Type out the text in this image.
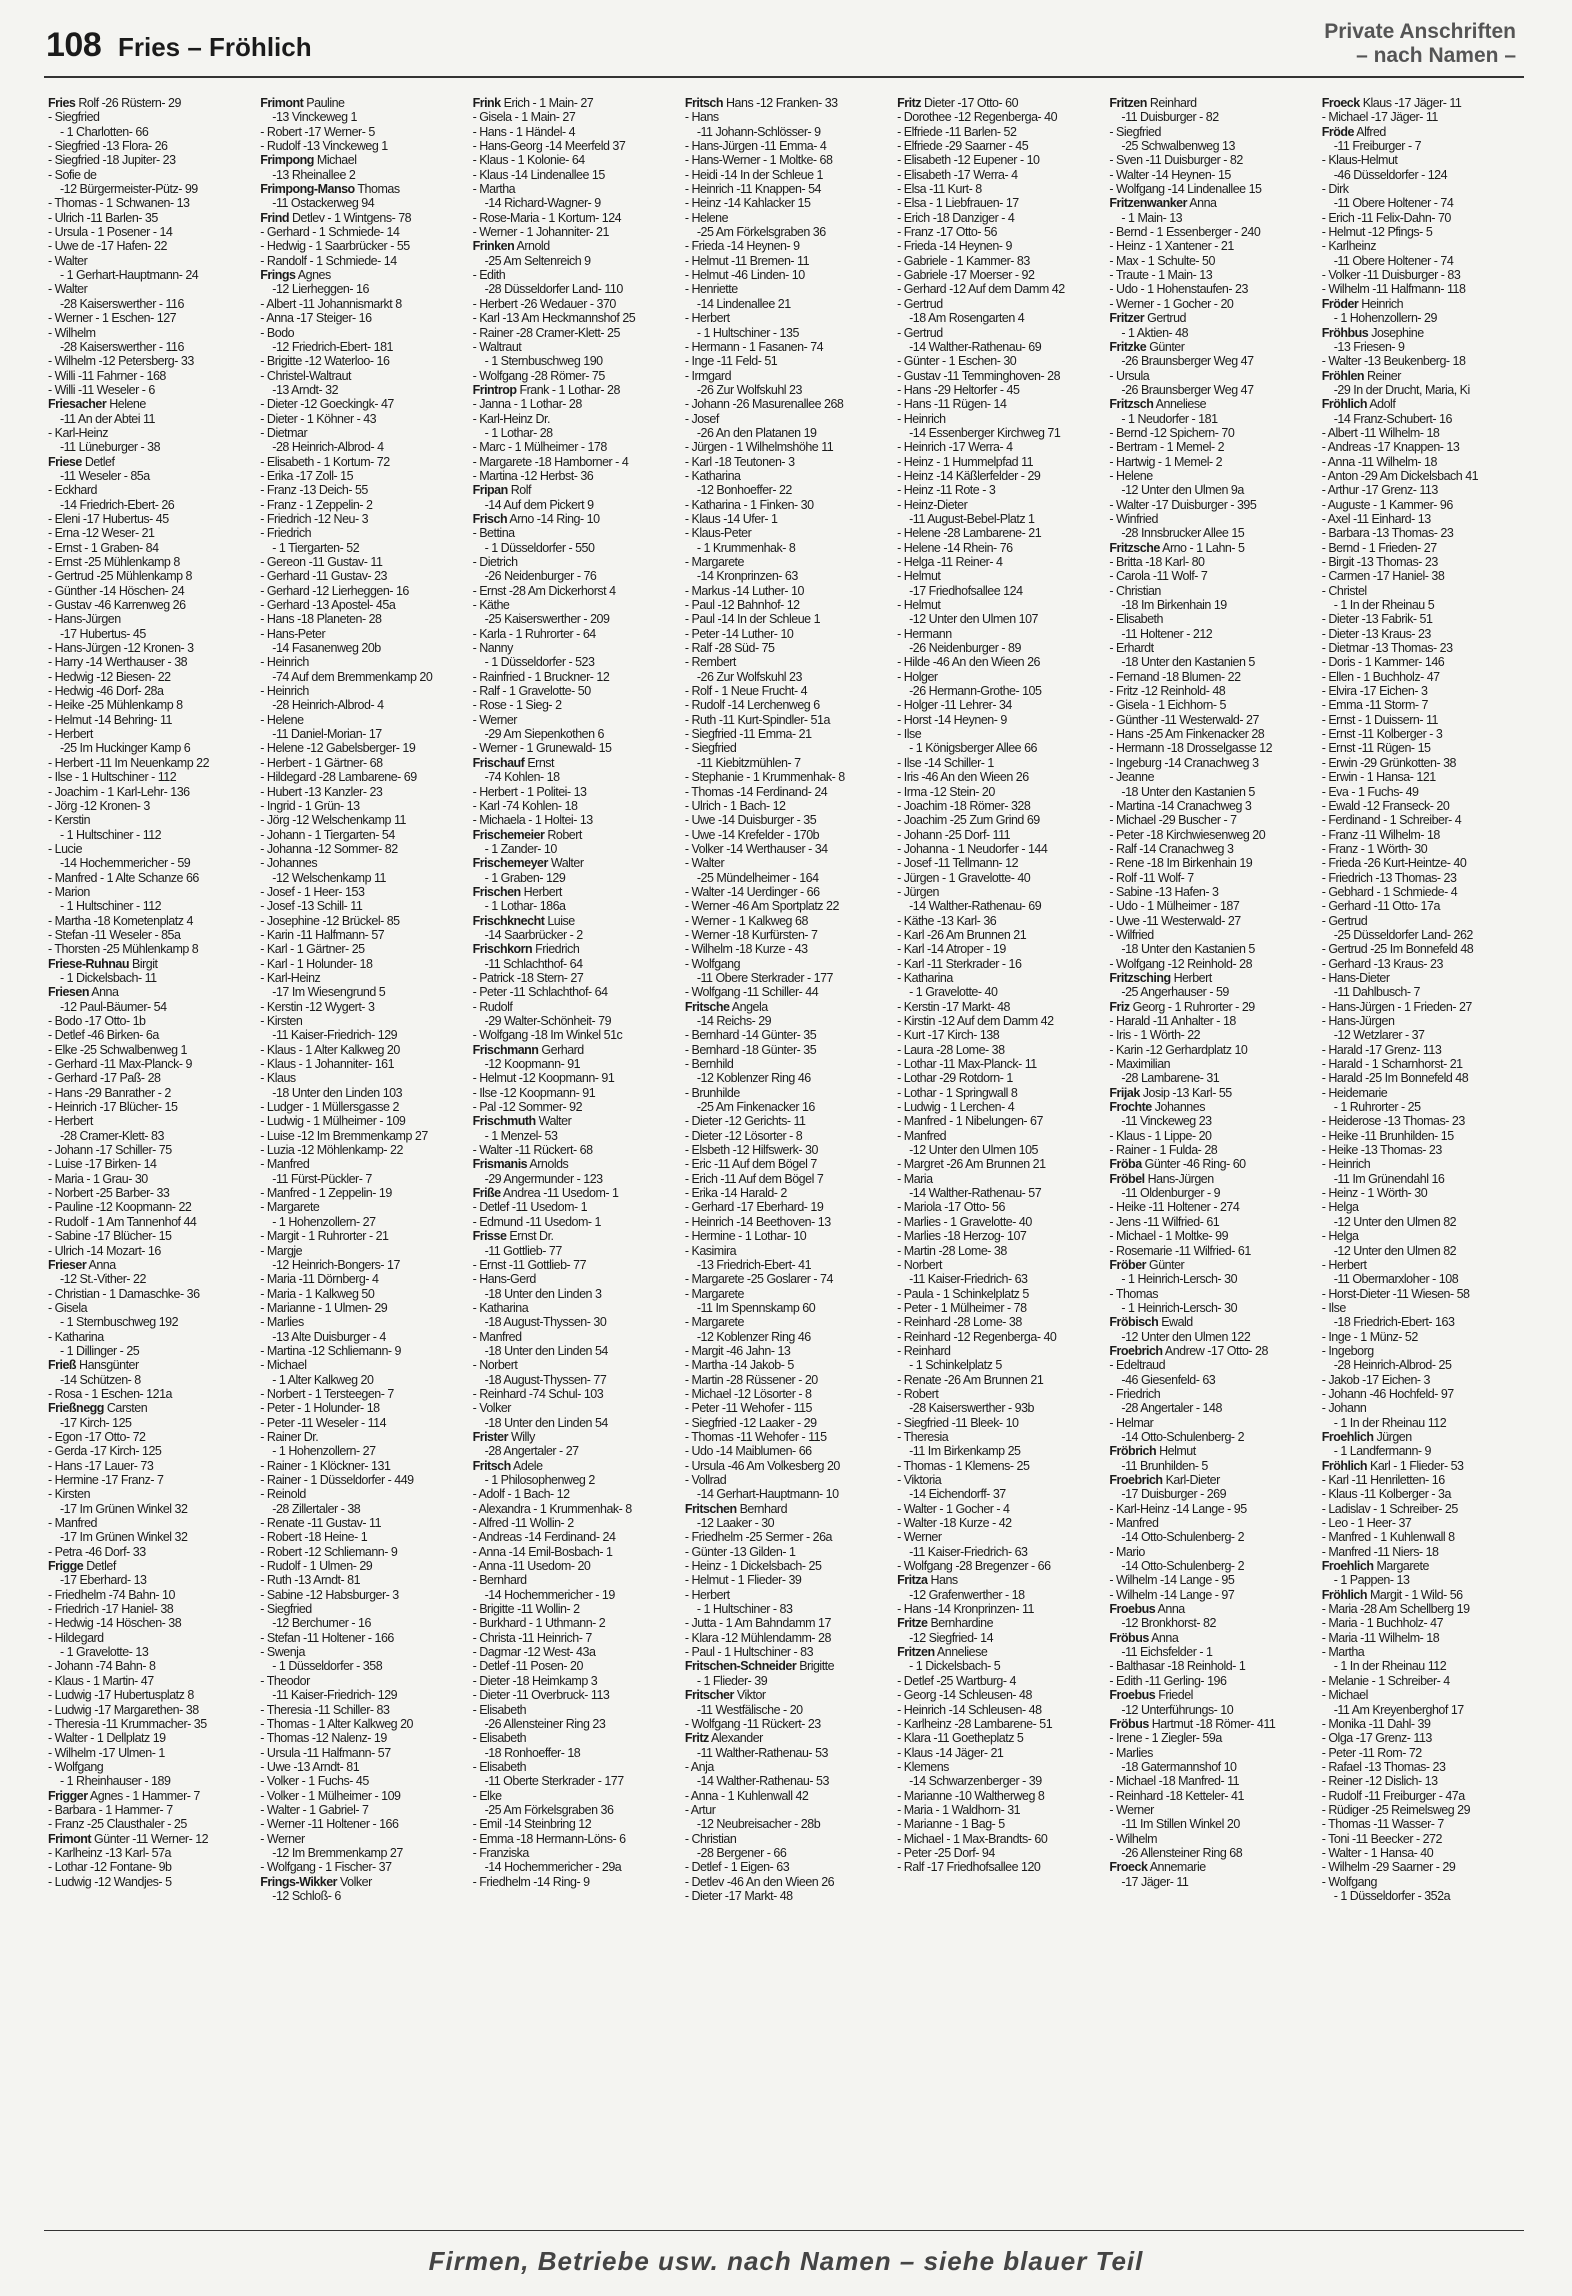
108 Fries – Fröhlich
Private Anschriften
– nach Namen –
Fries Rolf -26 Rüstern- 29
- Siegfried
- 1 Charlotten- 66
- Siegfried -13 Flora- 26
- Siegfried -18 Jupiter- 23
- Sofie de
-12 Bürgermeister-Pütz- 99
- Thomas - 1 Schwanen- 13
- Ulrich -11 Barlen- 35
- Ursula - 1 Posener - 14
- Uwe de -17 Hafen- 22
- Walter
- 1 Gerhart-Hauptmann- 24
- Walter
-28 Kaiserswerther - 116
- Werner - 1 Eschen- 127
- Wilhelm
-28 Kaiserswerther - 116
- Wilhelm -12 Petersberg- 33
- Willi -11 Fahrner - 168
- Willi -11 Weseler - 6
Friesacher Helene
-11 An der Abtei 11
- Karl-Heinz
-11 Lüneburger - 38
Friese Detlef
-11 Weseler - 85a
- Eckhard
-14 Friedrich-Ebert- 26
- Eleni -17 Hubertus- 45
- Erna -12 Weser- 21
- Ernst - 1 Graben- 84
- Ernst -25 Mühlenkamp 8
- Gertrud -25 Mühlenkamp 8
- Günther -14 Höschen- 24
- Gustav -46 Karrenweg 26
- Hans-Jürgen
-17 Hubertus- 45
- Hans-Jürgen -12 Kronen- 3
- Harry -14 Werthauser - 38
- Hedwig -12 Biesen- 22
- Hedwig -46 Dorf- 28a
- Heike -25 Mühlenkamp 8
- Helmut -14 Behring- 11
- Herbert
-25 Im Huckinger Kamp 6
- Herbert -11 Im Neuenkamp 22
- Ilse - 1 Hultschiner - 112
- Joachim - 1 Karl-Lehr- 136
- Jörg -12 Kronen- 3
- Kerstin
- 1 Hultschiner - 112
- Lucie
-14 Hochemmericher - 59
- Manfred - 1 Alte Schanze 66
- Marion
- 1 Hultschiner - 112
- Martha -18 Kometenplatz 4
- Stefan -11 Weseler - 85a
- Thorsten -25 Mühlenkamp 8
Friese-Ruhnau Birgit
- 1 Dickelsbach- 11
Friesen Anna
-12 Paul-Bäumer- 54
- Bodo -17 Otto- 1b
- Detlef -46 Birken- 6a
- Elke -25 Schwalbenweg 1
- Gerhard -11 Max-Planck- 9
- Gerhard -17 Paß- 28
- Hans -29 Banrather - 2
- Heinrich -17 Blücher- 15
- Herbert
-28 Cramer-Klett- 83
- Johann -17 Schiller- 75
- Luise -17 Birken- 14
- Maria - 1 Grau- 30
- Norbert -25 Barber- 33
- Pauline -12 Koopmann- 22
- Rudolf - 1 Am Tannenhof 44
- Sabine -17 Blücher- 15
- Ulrich -14 Mozart- 16
Frieser Anna
-12 St.-Vither- 22
- Christian - 1 Damaschke- 36
- Gisela
- 1 Sternbuschweg 192
- Katharina
- 1 Dillinger - 25
Frieß Hansgünter
-14 Schützen- 8
- Rosa - 1 Eschen- 121a
Frießnegg Carsten
-17 Kirch- 125
- Egon -17 Otto- 72
- Gerda -17 Kirch- 125
- Hans -17 Lauer- 73
- Hermine -17 Franz- 7
- Kirsten
-17 Im Grünen Winkel 32
- Manfred
-17 Im Grünen Winkel 32
- Petra -46 Dorf- 33
Frigge Detlef
-17 Eberhard- 13
- Friedhelm -74 Bahn- 10
- Friedrich -17 Haniel- 38
- Hedwig -14 Höschen- 38
- Hildegard
- 1 Gravelotte- 13
- Johann -74 Bahn- 8
- Klaus - 1 Martin- 47
- Ludwig -17 Hubertusplatz 8
- Ludwig -17 Margarethen- 38
- Theresia -11 Krummacher- 35
- Walter - 1 Dellplatz 19
- Wilhelm -17 Ulmen- 1
- Wolfgang
- 1 Rheinhauser - 189
Frigger Agnes - 1 Hammer- 7
- Barbara - 1 Hammer- 7
- Franz -25 Clausthaler - 25
Frimont Günter -11 Werner- 12
- Karlheinz -13 Karl- 57a
- Lothar -12 Fontane- 9b
- Ludwig -12 Wandjes- 5
Frimont Pauline
-13 Vinckeweg 1
- Robert -17 Werner- 5
- Rudolf -13 Vinckeweg 1
Frimpong Michael
-13 Rheinallee 2
Frimpong-Manso Thomas
-11 Ostackerweg 94
Frind Detlev - 1 Wintgens- 78
- Gerhard - 1 Schmiede- 14
- Hedwig - 1 Saarbrücker - 55
- Randolf - 1 Schmiede- 14
Frings Agnes
-12 Lierheggen- 16
- Albert -11 Johannismarkt 8
- Anna -17 Steiger- 16
- Bodo
-12 Friedrich-Ebert- 181
- Brigitte -12 Waterloo- 16
- Christel-Waltraut
-13 Arndt- 32
- Dieter -12 Goeckingk- 47
- Dieter - 1 Köhner - 43
- Dietmar
-28 Heinrich-Albrod- 4
- Elisabeth - 1 Kortum- 72
- Erika -17 Zoll- 15
- Franz -13 Deich- 55
- Franz - 1 Zeppelin- 2
- Friedrich -12 Neu- 3
- Friedrich
- 1 Tiergarten- 52
- Gereon -11 Gustav- 11
- Gerhard -11 Gustav- 23
- Gerhard -12 Lierheggen- 16
- Gerhard -13 Apostel- 45a
- Hans -18 Planeten- 28
- Hans-Peter
-14 Fasanenweg 20b
- Heinrich
-74 Auf dem Bremmenkamp 20
- Heinrich
-28 Heinrich-Albrod- 4
- Helene
-11 Daniel-Morian- 17
- Helene -12 Gabelsberger- 19
- Herbert - 1 Gärtner- 68
- Hildegard -28 Lambarene- 69
- Hubert -13 Kanzler- 23
- Ingrid - 1 Grün- 13
- Jörg -12 Welschenkamp 11
- Johann - 1 Tiergarten- 54
- Johanna -12 Sommer- 82
- Johannes
-12 Welschenkamp 11
- Josef - 1 Heer- 153
- Josef -13 Schill- 11
- Josephine -12 Brückel- 85
- Karin -11 Halfmann- 57
- Karl - 1 Gärtner- 25
- Karl - 1 Holunder- 18
- Karl-Heinz
-17 Im Wiesengrund 5
- Kerstin -12 Wygert- 3
- Kirsten
-11 Kaiser-Friedrich- 129
- Klaus - 1 Alter Kalkweg 20
- Klaus - 1 Johanniter- 161
- Klaus
-18 Unter den Linden 103
- Ludger - 1 Müllersgasse 2
- Ludwig - 1 Mülheimer - 109
- Luise -12 Im Bremmenkamp 27
- Luzia -12 Möhlenkamp- 22
- Manfred
-11 Fürst-Pückler- 7
- Manfred - 1 Zeppelin- 19
- Margarete
- 1 Hohenzollern- 27
- Margit - 1 Ruhrorter - 21
- Margje
-12 Heinrich-Bongers- 17
- Maria -11 Dörnberg- 4
- Maria - 1 Kalkweg 50
- Marianne - 1 Ulmen- 29
- Marlies
-13 Alte Duisburger - 4
- Martina -12 Schliemann- 9
- Michael
- 1 Alter Kalkweg 20
- Norbert - 1 Tersteegen- 7
- Peter - 1 Holunder- 18
- Peter -11 Weseler - 114
- Rainer Dr.
- 1 Hohenzollern- 27
- Rainer - 1 Klöckner- 131
- Rainer - 1 Düsseldorfer - 449
- Reinold
-28 Zillertaler - 38
- Renate -11 Gustav- 11
- Robert -18 Heine- 1
- Robert -12 Schliemann- 9
- Rudolf - 1 Ulmen- 29
- Ruth -13 Arndt- 81
- Sabine -12 Habsburger- 3
- Siegfried
-12 Berchumer - 16
- Stefan -11 Holtener - 166
- Swenja
- 1 Düsseldorfer - 358
- Theodor
-11 Kaiser-Friedrich- 129
- Theresia -11 Schiller- 83
- Thomas - 1 Alter Kalkweg 20
- Thomas -12 Nalenz- 19
- Ursula -11 Halfmann- 57
- Uwe -13 Arndt- 81
- Volker - 1 Fuchs- 45
- Volker - 1 Mülheimer - 109
- Walter - 1 Gabriel- 7
- Werner -11 Holtener - 166
- Werner
-12 Im Bremmenkamp 27
- Wolfgang - 1 Fischer- 37
Frings-Wikker Volker
-12 Schloß- 6
Frink Erich - 1 Main- 27
- Gisela - 1 Main- 27
- Hans - 1 Händel- 4
- Hans-Georg -14 Meerfeld 37
- Klaus - 1 Kolonie- 64
- Klaus -14 Lindenallee 15
- Martha
-14 Richard-Wagner- 9
- Rose-Maria - 1 Kortum- 124
- Werner - 1 Johanniter- 21
Frinken Arnold
-25 Am Seltenreich 9
- Edith
-28 Düsseldorfer Land- 110
- Herbert -26 Wedauer - 370
- Karl -13 Am Heckmannshof 25
- Rainer -28 Cramer-Klett- 25
- Waltraut
- 1 Sternbuschweg 190
- Wolfgang -28 Römer- 75
Frintrop Frank - 1 Lothar- 28
- Janna - 1 Lothar- 28
- Karl-Heinz Dr.
- 1 Lothar- 28
- Marc - 1 Mülheimer - 178
- Margarete -18 Hamborner - 4
- Martina -12 Herbst- 36
Fripan Rolf
-14 Auf dem Pickert 9
Frisch Arno -14 Ring- 10
- Bettina
- 1 Düsseldorfer - 550
- Dietrich
-26 Neidenburger - 76
- Ernst -28 Am Dickerhorst 4
- Käthe
-25 Kaiserswerther - 209
- Karla - 1 Ruhrorter - 64
- Nanny
- 1 Düsseldorfer - 523
- Rainfried - 1 Bruckner- 12
- Ralf - 1 Gravelotte- 50
- Rose - 1 Sieg- 2
- Werner
-29 Am Siepenkothen 6
- Werner - 1 Grunewald- 15
Frischauf Ernst
-74 Kohlen- 18
- Herbert - 1 Politei- 13
- Karl -74 Kohlen- 18
- Michaela - 1 Holtei- 13
Frischemeier Robert
- 1 Zander- 10
Frischemeyer Walter
- 1 Graben- 129
Frischen Herbert
- 1 Lothar- 186a
Frischknecht Luise
-14 Saarbrücker - 2
Frischkorn Friedrich
-11 Schlachthof- 64
- Patrick -18 Stern- 27
- Peter -11 Schlachthof- 64
- Rudolf
-29 Walter-Schönheit- 79
- Wolfgang -18 Im Winkel 51c
Frischmann Gerhard
-12 Koopmann- 91
- Helmut -12 Koopmann- 91
- Ilse -12 Koopmann- 91
- Pal -12 Sommer- 92
Frischmuth Walter
- 1 Menzel- 53
- Walter -11 Rückert- 68
Frismanis Arnolds
-29 Angermunder - 123
Friße Andrea -11 Usedom- 1
- Detlef -11 Usedom- 1
- Edmund -11 Usedom- 1
Frisse Ernst Dr.
-11 Gottlieb- 77
- Ernst -11 Gottlieb- 77
- Hans-Gerd
-18 Unter den Linden 3
- Katharina
-18 August-Thyssen- 30
- Manfred
-18 Unter den Linden 54
- Norbert
-18 August-Thyssen- 77
- Reinhard -74 Schul- 103
- Volker
-18 Unter den Linden 54
Frister Willy
-28 Angertaler - 27
Fritsch Adele
- 1 Philosophenweg 2
- Adolf - 1 Bach- 12
- Alexandra - 1 Krummenhak- 8
- Alfred -11 Wollin- 2
- Andreas -14 Ferdinand- 24
- Anna -14 Emil-Bosbach- 1
- Anna -11 Usedom- 20
- Bernhard
-14 Hochemmericher - 19
- Brigitte -11 Wollin- 2
- Burkhard - 1 Uthmann- 2
- Christa -11 Heinrich- 7
- Dagmar -12 West- 43a
- Detlef -11 Posen- 20
- Dieter -18 Heimkamp 3
- Dieter -11 Overbruck- 113
- Elisabeth
-26 Allensteiner Ring 23
- Elisabeth
-18 Ronhoeffer- 18
- Elisabeth
-11 Oberte Sterkrader - 177
- Elke
-25 Am Förkelsgraben 36
- Emil -14 Steinbring 12
- Emma -18 Hermann-Löns- 6
- Franziska
-14 Hochemmericher - 29a
- Friedhelm -14 Ring- 9
Fritsch Hans -12 Franken- 33
- Hans
-11 Johann-Schlösser- 9
- Hans-Jürgen -11 Emma- 4
- Hans-Werner - 1 Moltke- 68
- Heidi -14 In der Schleue 1
- Heinrich -11 Knappen- 54
- Heinz -14 Kahlacker 15
- Helene
-25 Am Förkelsgraben 36
- Frieda -14 Heynen- 9
- Helmut -11 Bremen- 11
- Helmut -46 Linden- 10
- Henriette
-14 Lindenallee 21
- Herbert
- 1 Hultschiner - 135
- Hermann - 1 Fasanen- 74
- Inge -11 Feld- 51
- Irmgard
-26 Zur Wolfskuhl 23
- Johann -26 Masurenallee 268
- Josef
-26 An den Platanen 19
- Jürgen - 1 Wilhelmshöhe 11
- Karl -18 Teutonen- 3
- Katharina
-12 Bonhoeffer- 22
- Katharina - 1 Finken- 30
- Klaus -14 Ufer- 1
- Klaus-Peter
- 1 Krummenhak- 8
- Margarete
-14 Kronprinzen- 63
- Markus -14 Luther- 10
- Paul -12 Bahnhof- 12
- Paul -14 In der Schleue 1
- Peter -14 Luther- 10
- Ralf -28 Süd- 75
- Rembert
-26 Zur Wolfskuhl 23
- Rolf - 1 Neue Frucht- 4
- Rudolf -14 Lerchenweg 6
- Ruth -11 Kurt-Spindler- 51a
- Siegfried -11 Emma- 21
- Siegfried
-11 Kiebitzmühlen- 7
- Stephanie - 1 Krummenhak- 8
- Thomas -14 Ferdinand- 24
- Ulrich - 1 Bach- 12
- Uwe -14 Duisburger - 35
- Uwe -14 Krefelder - 170b
- Volker -14 Werthauser - 34
- Walter
-25 Mündelheimer - 164
- Walter -14 Uerdinger - 66
- Werner -46 Am Sportplatz 22
- Werner - 1 Kalkweg 68
- Werner -18 Kurfürsten- 7
- Wilhelm -18 Kurze - 43
- Wolfgang
-11 Obere Sterkrader - 177
- Wolfgang -11 Schiller- 44
Fritsche Angela
-14 Reichs- 29
- Bernhard -14 Günter- 35
- Bernhard -18 Günter- 35
- Bernhild
-12 Koblenzer Ring 46
- Brunhilde
-25 Am Finkenacker 16
- Dieter -12 Gerichts- 11
- Dieter -12 Lösorter - 8
- Elsbeth -12 Hilfswerk- 30
- Eric -11 Auf dem Bögel 7
- Erich -11 Auf dem Bögel 7
- Erika -14 Harald- 2
- Gerhard -17 Eberhard- 19
- Heinrich -14 Beethoven- 13
- Hermine - 1 Lothar- 10
- Kasimira
-13 Friedrich-Ebert- 41
- Margarete -25 Goslarer - 74
- Margarete
-11 Im Spennskamp 60
- Margarete
-12 Koblenzer Ring 46
- Margit -46 Jahn- 13
- Martha -14 Jakob- 5
- Martin -28 Rüssener - 20
- Michael -12 Lösorter - 8
- Peter -11 Wehofer - 115
- Siegfried -12 Laaker - 29
- Thomas -11 Wehofer - 115
- Udo -14 Maiblumen- 66
- Ursula -46 Am Volkesberg 20
- Vollrad
-14 Gerhart-Hauptmann- 10
Fritschen Bernhard
-12 Laaker - 30
- Friedhelm -25 Sermer - 26a
- Günter -13 Gilden- 1
- Heinz - 1 Dickelsbach- 25
- Helmut - 1 Flieder- 39
- Herbert
- 1 Hultschiner - 83
- Jutta - 1 Am Bahndamm 17
- Klara -12 Mühlendamm- 28
- Paul - 1 Hultschiner - 83
Fritschen-Schneider Brigitte
- 1 Flieder- 39
Fritscher Viktor
-11 Westfälische - 20
- Wolfgang -11 Rückert- 23
Fritz Alexander
-11 Walther-Rathenau- 53
- Anja
-14 Walther-Rathenau- 53
- Anna - 1 Kuhlenwall 42
- Artur
-12 Neubreisacher - 28b
- Christian
-28 Bergener - 66
- Detlef - 1 Eigen- 63
- Detlev -46 An den Wieen 26
- Dieter -17 Markt- 48
Fritz Dieter -17 Otto- 60
- Dorothee -12 Regenberga- 40
- Elfriede -11 Barlen- 52
- Elfriede -29 Saarner - 45
- Elisabeth -12 Eupener - 10
- Elisabeth -17 Werra- 4
- Elsa -11 Kurt- 8
- Elsa - 1 Liebfrauen- 17
- Erich -18 Danziger - 4
- Franz -17 Otto- 56
- Frieda -14 Heynen- 9
- Gabriele - 1 Kammer- 83
- Gabriele -17 Moerser - 92
- Gerhard -12 Auf dem Damm 42
- Gertrud
-18 Am Rosengarten 4
- Gertrud
-14 Walther-Rathenau- 69
- Günter - 1 Eschen- 30
- Gustav -11 Temminghoven- 28
- Hans -29 Heltorfer - 45
- Hans -11 Rügen- 14
- Heinrich
-14 Essenberger Kirchweg 71
- Heinrich -17 Werra- 4
- Heinz - 1 Hummelpfad 11
- Heinz -14 Käßlerfelder - 29
- Heinz -11 Rote - 3
- Heinz-Dieter
-11 August-Bebel-Platz 1
- Helene -28 Lambarene- 21
- Helene -14 Rhein- 76
- Helga -11 Reiner- 4
- Helmut
-17 Friedhofsallee 124
- Helmut
-12 Unter den Ulmen 107
- Hermann
-26 Neidenburger - 89
- Hilde -46 An den Wieen 26
- Holger
-26 Hermann-Grothe- 105
- Holger -11 Lehrer- 34
- Horst -14 Heynen- 9
- Ilse
- 1 Königsberger Allee 66
- Ilse -14 Schiller- 1
- Iris -46 An den Wieen 26
- Irma -12 Stein- 20
- Joachim -18 Römer- 328
- Joachim -25 Zum Grind 69
- Johann -25 Dorf- 111
- Johanna - 1 Neudorfer - 144
- Josef -11 Tellmann- 12
- Jürgen - 1 Gravelotte- 40
- Jürgen
-14 Walther-Rathenau- 69
- Käthe -13 Karl- 36
- Karl -26 Am Brunnen 21
- Karl -14 Atroper - 19
- Karl -11 Sterkrader - 16
- Katharina
- 1 Gravelotte- 40
- Kerstin -17 Markt- 48
- Kirstin -12 Auf dem Damm 42
- Kurt -17 Kirch- 138
- Laura -28 Lome- 38
- Lothar -11 Max-Planck- 11
- Lothar -29 Rotdorn- 1
- Lothar - 1 Springwall 8
- Ludwig - 1 Lerchen- 4
- Manfred - 1 Nibelungen- 67
- Manfred
-12 Unter den Ulmen 105
- Margret -26 Am Brunnen 21
- Maria
-14 Walther-Rathenau- 57
- Mariola -17 Otto- 56
- Marlies - 1 Gravelotte- 40
- Marlies -18 Herzog- 107
- Martin -28 Lome- 38
- Norbert
-11 Kaiser-Friedrich- 63
- Paula - 1 Schinkelplatz 5
- Peter - 1 Mülheimer - 78
- Reinhard -28 Lome- 38
- Reinhard -12 Regenberga- 40
- Reinhard
- 1 Schinkelplatz 5
- Renate -26 Am Brunnen 21
- Robert
-28 Kaiserswerther - 93b
- Siegfried -11 Bleek- 10
- Theresia
-11 Im Birkenkamp 25
- Thomas - 1 Klemens- 25
- Viktoria
-14 Eichendorff- 37
- Walter - 1 Gocher - 4
- Walter -18 Kurze - 42
- Werner
-11 Kaiser-Friedrich- 63
- Wolfgang -28 Bregenzer - 66
Fritza Hans
-12 Grafenwerther - 18
- Hans -14 Kronprinzen- 11
Fritze Bernhardine
-12 Siegfried- 14
Fritzen Anneliese
- 1 Dickelsbach- 5
- Detlef -25 Wartburg- 4
- Georg -14 Schleusen- 48
- Heinrich -14 Schleusen- 48
- Karlheinz -28 Lambarene- 51
- Klara -11 Goetheplatz 5
- Klaus -14 Jäger- 21
- Klemens
-14 Schwarzenberger - 39
- Marianne -10 Waltherweg 8
- Maria - 1 Waldhorn- 31
- Marianne - 1 Bag- 5
- Michael - 1 Max-Brandts- 60
- Peter -25 Dorf- 94
- Ralf -17 Friedhofsallee 120
Fritzen Reinhard
-11 Duisburger - 82
- Siegfried
-25 Schwalbenweg 13
- Sven -11 Duisburger - 82
- Walter -14 Heynen- 15
- Wolfgang -14 Lindenallee 15
Fritzenwanker Anna
- 1 Main- 13
- Bernd - 1 Essenberger - 240
- Heinz - 1 Xantener - 21
- Max - 1 Schulte- 50
- Traute - 1 Main- 13
- Udo - 1 Hohenstaufen- 23
- Werner - 1 Gocher - 20
Fritzer Gertrud
- 1 Aktien- 48
Fritzke Günter
-26 Braunsberger Weg 47
- Ursula
-26 Braunsberger Weg 47
Fritzsch Anneliese
- 1 Neudorfer - 181
- Bernd -12 Spichern- 70
- Bertram - 1 Memel- 2
- Hartwig - 1 Memel- 2
- Helene
-12 Unter den Ulmen 9a
- Walter -17 Duisburger - 395
- Winfried
-28 Innsbrucker Allee 15
Fritzsche Arno - 1 Lahn- 5
- Britta -18 Karl- 80
- Carola -11 Wolf- 7
- Christian
-18 Im Birkenhain 19
- Elisabeth
-11 Holtener - 212
- Erhardt
-18 Unter den Kastanien 5
- Fernand -18 Blumen- 22
- Fritz -12 Reinhold- 48
- Gisela - 1 Eichhorn- 5
- Günther -11 Westerwald- 27
- Hans -25 Am Finkenacker 28
- Hermann -18 Drosselgasse 12
- Ingeburg -14 Cranachweg 3
- Jeanne
-18 Unter den Kastanien 5
- Martina -14 Cranachweg 3
- Michael -29 Buscher - 7
- Peter -18 Kirchwiesenweg 20
- Ralf -14 Cranachweg 3
- Rene -18 Im Birkenhain 19
- Rolf -11 Wolf- 7
- Sabine -13 Hafen- 3
- Udo - 1 Mülheimer - 187
- Uwe -11 Westerwald- 27
- Wilfried
-18 Unter den Kastanien 5
- Wolfgang -12 Reinhold- 28
Fritzsching Herbert
-25 Angerhauser - 59
Friz Georg - 1 Ruhrorter - 29
- Harald -11 Anhalter - 18
- Iris - 1 Wörth- 22
- Karin -12 Gerhardplatz 10
- Maximilian
-28 Lambarene- 31
Frijak Josip -13 Karl- 55
Frochte Johannes
-11 Vinckeweg 23
- Klaus - 1 Lippe- 20
- Rainer - 1 Fulda- 28
Fröba Günter -46 Ring- 60
Fröbel Hans-Jürgen
-11 Oldenburger - 9
- Heike -11 Holtener - 274
- Jens -11 Wilfried- 61
- Michael - 1 Moltke- 99
- Rosemarie -11 Wilfried- 61
Fröber Günter
- 1 Heinrich-Lersch- 30
- Thomas
- 1 Heinrich-Lersch- 30
Fröbisch Ewald
-12 Unter den Ulmen 122
Froebrich Andrew -17 Otto- 28
- Edeltraud
-46 Giesenfeld- 63
- Friedrich
-28 Angertaler - 148
- Helmar
-14 Otto-Schulenberg- 2
Fröbrich Helmut
-11 Brunhilden- 5
Froebrich Karl-Dieter
-17 Duisburger - 269
- Karl-Heinz -14 Lange - 95
- Manfred
-14 Otto-Schulenberg- 2
- Mario
-14 Otto-Schulenberg- 2
- Wilhelm -14 Lange - 95
- Wilhelm -14 Lange - 97
Froebus Anna
-12 Bronkhorst- 82
Fröbus Anna
-11 Eichsfelder - 1
- Balthasar -18 Reinhold- 1
- Edith -11 Gerling- 196
Froebus Friedel
-12 Unterführungs- 10
Fröbus Hartmut -18 Römer- 411
- Irene - 1 Ziegler- 59a
- Marlies
-18 Gatermannshof 10
- Michael -18 Manfred- 11
- Reinhard -18 Ketteler- 41
- Werner
-11 Im Stillen Winkel 20
- Wilhelm
-26 Allensteiner Ring 68
Froeck Annemarie
-17 Jäger- 11
Froeck Klaus -17 Jäger- 11
- Michael -17 Jäger- 11
Fröde Alfred
-11 Freiburger - 7
- Klaus-Helmut
-46 Düsseldorfer - 124
- Dirk
-11 Obere Holtener - 74
- Erich -11 Felix-Dahn- 70
- Helmut -12 Pfings- 5
- Karlheinz
-11 Obere Holtener - 74
- Volker -11 Duisburger - 83
- Wilhelm -11 Halfmann- 118
Fröder Heinrich
- 1 Hohenzollern- 29
Fröhbus Josephine
-13 Friesen- 9
- Walter -13 Beukenberg- 18
Fröhlen Reiner
-29 In der Drucht, Maria, Ki
Fröhlich Adolf
-14 Franz-Schubert- 16
- Albert -11 Wilhelm- 18
- Andreas -17 Knappen- 13
- Anna -11 Wilhelm- 18
- Anton -29 Am Dickelsbach 41
- Arthur -17 Grenz- 113
- Auguste - 1 Kammer- 96
- Axel -11 Einhard- 13
- Barbara -13 Thomas- 23
- Bernd - 1 Frieden- 27
- Birgit -13 Thomas- 23
- Carmen -17 Haniel- 38
- Christel
- 1 In der Rheinau 5
- Dieter -13 Fabrik- 51
- Dieter -13 Kraus- 23
- Dietmar -13 Thomas- 23
- Doris - 1 Kammer- 146
- Ellen - 1 Buchholz- 47
- Elvira -17 Eichen- 3
- Emma -11 Storm- 7
- Ernst - 1 Duissern- 11
- Ernst -11 Kolberger - 3
- Ernst -11 Rügen- 15
- Erwin -29 Grünkotten- 38
- Erwin - 1 Hansa- 121
- Eva - 1 Fuchs- 49
- Ewald -12 Franseck- 20
- Ferdinand - 1 Schreiber- 4
- Franz -11 Wilhelm- 18
- Franz - 1 Wörth- 30
- Frieda -26 Kurt-Heintze- 40
- Friedrich -13 Thomas- 23
- Gebhard - 1 Schmiede- 4
- Gerhard -11 Otto- 17a
- Gertrud
-25 Düsseldorfer Land- 262
- Gertrud -25 Im Bonnefeld 48
- Gerhard -13 Kraus- 23
- Hans-Dieter
-11 Dahlbusch- 7
- Hans-Jürgen - 1 Frieden- 27
- Hans-Jürgen
-12 Wetzlarer - 37
- Harald -17 Grenz- 113
- Harald - 1 Scharnhorst- 21
- Harald -25 Im Bonnefeld 48
- Heidemarie
- 1 Ruhrorter - 25
- Heiderose -13 Thomas- 23
- Heike -11 Brunhilden- 15
- Heike -13 Thomas- 23
- Heinrich
-11 Im Grünendahl 16
- Heinz - 1 Wörth- 30
- Helga
-12 Unter den Ulmen 82
- Helga
-12 Unter den Ulmen 82
- Herbert
-11 Obermarxloher - 108
- Horst-Dieter -11 Wiesen- 58
- Ilse
-18 Friedrich-Ebert- 163
- Inge - 1 Münz- 52
- Ingeborg
-28 Heinrich-Albrod- 25
- Jakob -17 Eichen- 3
- Johann -46 Hochfeld- 97
- Johann
- 1 In der Rheinau 112
Froehlich Jürgen
- 1 Landfermann- 9
Fröhlich Karl - 1 Flieder- 53
- Karl -11 Henriletten- 16
- Klaus -11 Kolberger - 3a
- Ladislav - 1 Schreiber- 25
- Leo - 1 Heer- 37
- Manfred - 1 Kuhlenwall 8
- Manfred -11 Niers- 18
Froehlich Margarete
- 1 Pappen- 13
Fröhlich Margit - 1 Wild- 56
- Maria -28 Am Schellberg 19
- Maria - 1 Buchholz- 47
- Maria -11 Wilhelm- 18
- Martha
- 1 In der Rheinau 112
- Melanie - 1 Schreiber- 4
- Michael
-11 Am Kreyenberghof 17
- Monika -11 Dahl- 39
- Olga -17 Grenz- 113
- Peter -11 Rom- 72
- Rafael -13 Thomas- 23
- Reiner -12 Dislich- 13
- Rudolf -11 Freiburger - 47a
- Rüdiger -25 Reimelsweg 29
- Thomas -11 Wasser- 7
- Toni -11 Beecker - 272
- Walter - 1 Hansa- 40
- Wilhelm -29 Saarner - 29
- Wolfgang
- 1 Düsseldorfer - 352a
Firmen, Betriebe usw. nach Namen – siehe blauer Teil
